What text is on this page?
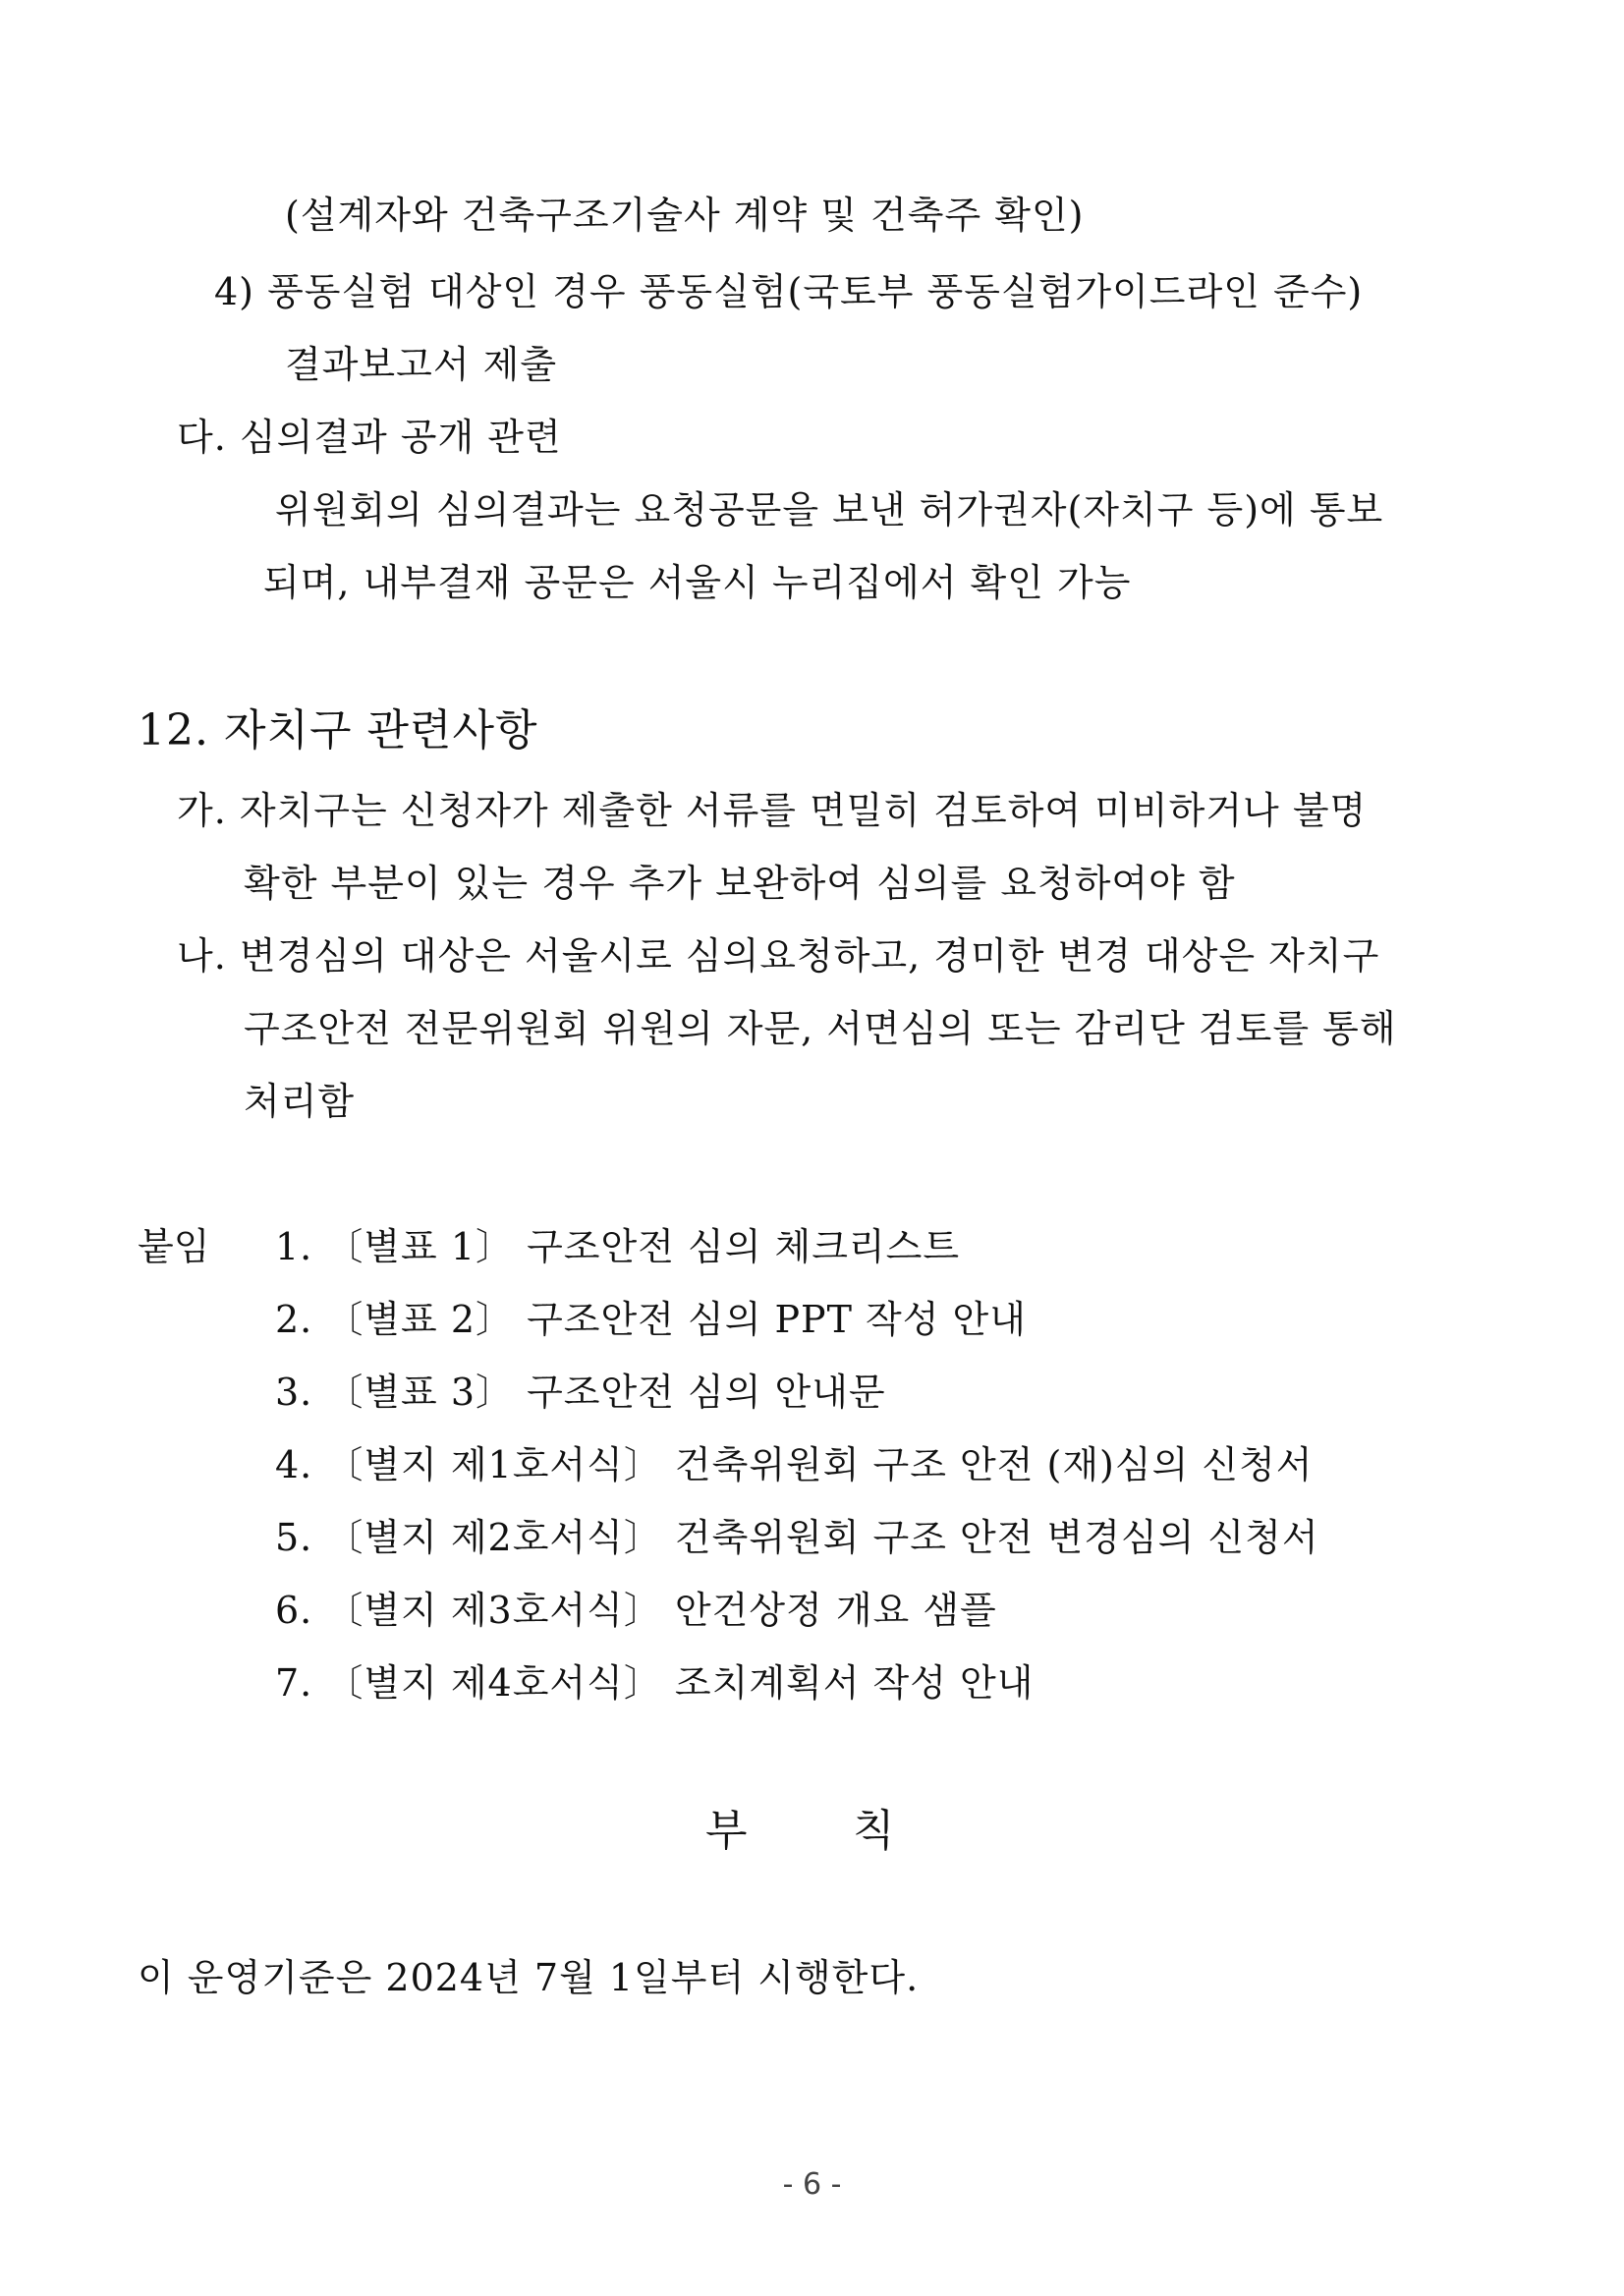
(설계자와 건축구조기술사 계약 및 건축주 확인)
4) 풍동실험 대상인 경우 풍동실험(국토부 풍동실험가이드라인 준수)
결과보고서 제출
다. 심의결과 공개 관련
위원회의 심의결과는 요청공문을 보낸 허가권자(자치구 등)에 통보
되며, 내부결재 공문은 서울시 누리집에서 확인 가능
12. 자치구 관련사항
가. 자치구는 신청자가 제출한 서류를 면밀히 검토하여 미비하거나 불명
확한 부분이 있는 경우 추가 보완하여 심의를 요청하여야 함
나. 변경심의 대상은 서울시로 심의요청하고, 경미한 변경 대상은 자치구
구조안전 전문위원회 위원의 자문, 서면심의 또는 감리단 검토를 통해
처리함
붙임 1. 〔별표 1〕 구조안전 심의 체크리스트
2. 〔별표 2〕 구조안전 심의 PPT 작성 안내
3. 〔별표 3〕 구조안전 심의 안내문
4. 〔별지 제1호서식〕 건축위원회 구조 안전 (재)심의 신청서
5. 〔별지 제2호서식〕 건축위원회 구조 안전 변경심의 신청서
6. 〔별지 제3호서식〕 안건상정 개요 샘플
7. 〔별지 제4호서식〕 조치계획서 작성 안내
부 칙
이 운영기준은 2024년 7월 1일부터 시행한다.
- 6 -
